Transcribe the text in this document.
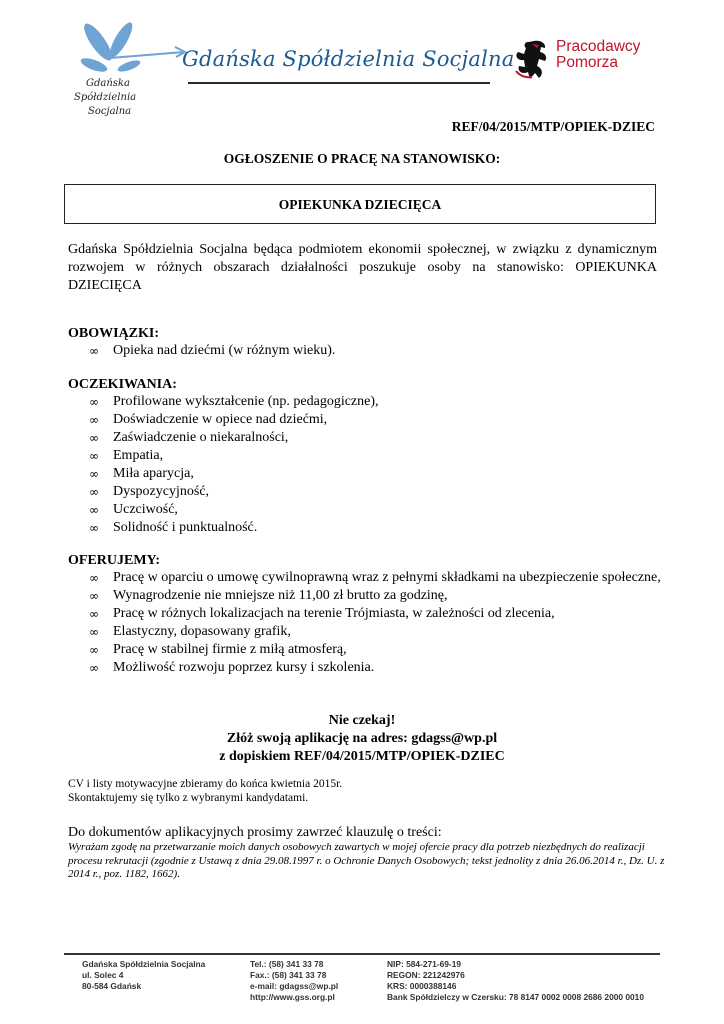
Gdańska
Spółdzielnia
Socjalna
Gdańska Spółdzielnia Socjalna
Pracodawcy
Pomorza
REF/04/2015/MTP/OPIEK-DZIEC
OGŁOSZENIE O PRACĘ NA STANOWISKO:
OPIEKUNKA DZIECIĘCA
Gdańska Spółdzielnia Socjalna będąca podmiotem ekonomii społecznej, w związku z dynamicznym rozwojem w różnych obszarach działalności poszukuje osoby na stanowisko: OPIEKUNKA DZIECIĘCA
OBOWIĄZKI:
∞ Opieka nad dziećmi (w różnym wieku).
OCZEKIWANIA:
∞ Profilowane wykształcenie (np. pedagogiczne),
∞ Doświadczenie w opiece nad dziećmi,
∞ Zaświadczenie o niekaralności,
∞ Empatia,
∞ Miła aparycja,
∞ Dyspozycyjność,
∞ Uczciwość,
∞ Solidność i punktualność.
OFERUJEMY:
∞ Pracę w oparciu o umowę cywilnoprawną wraz z pełnymi składkami na ubezpieczenie społeczne,
∞ Wynagrodzenie nie mniejsze niż 11,00 zł brutto za godzinę,
∞ Pracę w różnych lokalizacjach na terenie Trójmiasta, w zależności od zlecenia,
∞ Elastyczny, dopasowany grafik,
∞ Pracę w stabilnej firmie z miłą atmosferą,
∞ Możliwość rozwoju poprzez kursy i szkolenia.
Nie czekaj!
Złóż swoją aplikację na adres: gdagss@wp.pl
z dopiskiem REF/04/2015/MTP/OPIEK-DZIEC
CV i listy motywacyjne zbieramy do końca kwietnia 2015r.
Skontaktujemy się tylko z wybranymi kandydatami.
Do dokumentów aplikacyjnych prosimy zawrzeć klauzulę o treści:
Wyrażam zgodę na przetwarzanie moich danych osobowych zawartych w mojej ofercie pracy dla potrzeb niezbędnych do realizacji procesu rekrutacji (zgodnie z Ustawą z dnia 29.08.1997 r. o Ochronie Danych Osobowych; tekst jednolity z dnia 26.06.2014 r., Dz. U. z 2014 r., poz. 1182, 1662).
Gdańska Spółdzielnia Socjalna
ul. Solec 4
80-584 Gdańsk
Tel.: (58) 341 33 78
Fax.: (58) 341 33 78
e-mail: gdagss@wp.pl
http://www.gss.org.pl
NIP: 584-271-69-19
REGON: 221242976
KRS: 0000388146
Bank Spółdzielczy w Czersku: 78 8147 0002 0008 2686 2000 0010
